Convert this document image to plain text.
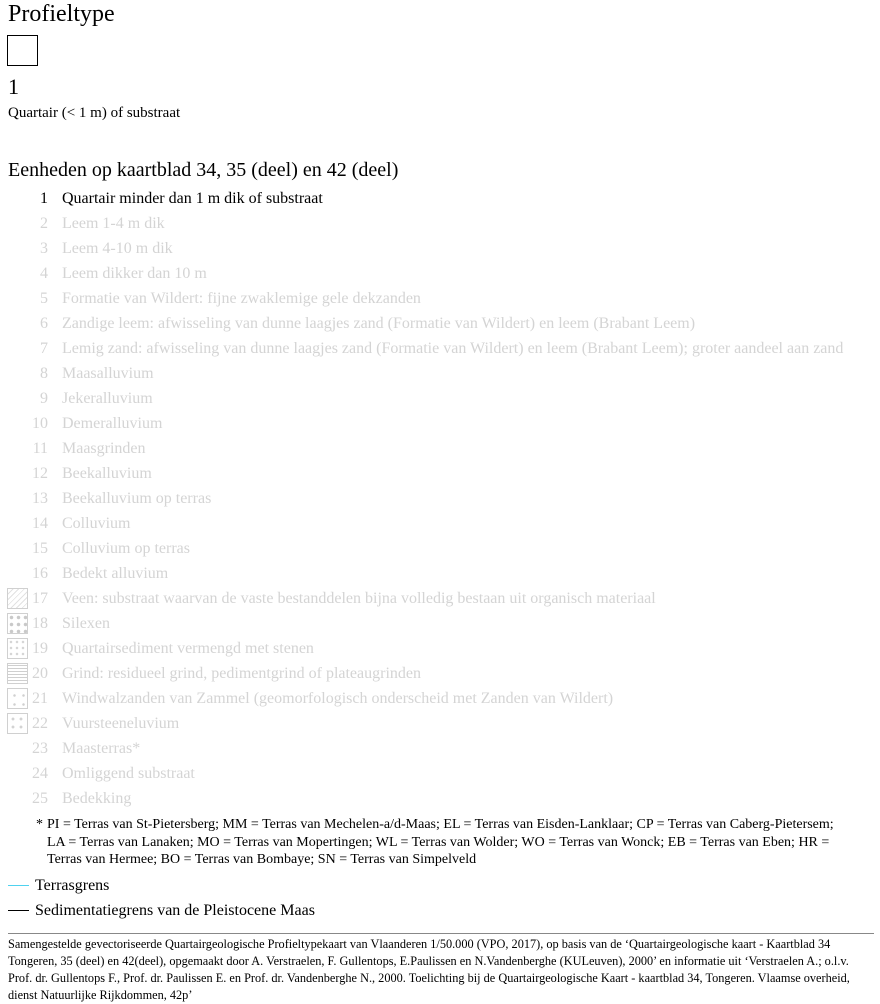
Profieltype
1
Quartair (< 1 m) of substraat
Eenheden op kaartblad 34, 35 (deel) en 42 (deel)
1 Quartair minder dan 1 m dik of substraat
2 Leem 1-4 m dik
3 Leem 4-10 m dik
4 Leem dikker dan 10 m
5 Formatie van Wildert: fijne zwaklemige gele dekzanden
6 Zandige leem: afwisseling van dunne laagjes zand (Formatie van Wildert) en leem (Brabant Leem)
7 Lemig zand: afwisseling van dunne laagjes zand (Formatie van Wildert) en leem (Brabant Leem); groter aandeel aan zand
8 Maasalluvium
9 Jekeralluvium
10 Demeralluvium
11 Maasgrinden
12 Beekalluvium
13 Beekalluvium op terras
14 Colluvium
15 Colluvium op terras
16 Bedekt alluvium
17 Veen: substraat waarvan de vaste bestanddelen bijna volledig bestaan uit organisch materiaal
18 Silexen
19 Quartairsediment vermengd met stenen
20 Grind: residueel grind, pedimentgrind of plateaugrinden
21 Windwalzanden van Zammel (geomorfologisch onderscheid met Zanden van Wildert)
22 Vuursteeneluvium
23 Maasterras*
24 Omliggend substraat
25 Bedekking
* PI = Terras van St-Pietersberg; MM = Terras van Mechelen-a/d-Maas; EL = Terras van Eisden-Lanklaar; CP = Terras van Caberg-Pietersem; LA = Terras van Lanaken; MO = Terras van Mopertingen; WL = Terras van Wolder; WO = Terras van Wonck; EB = Terras van Eben; HR = Terras van Hermee; BO = Terras van Bombaye; SN = Terras van Simpelveld
Terrasgrens
Sedimentatiegrens van de Pleistocene Maas
Samengestelde gevectoriseerde Quartairgeologische Profieltypekaart van Vlaanderen 1/50.000 (VPO, 2017), op basis van de ‘Quartairgeologische kaart - Kaartblad 34 Tongeren, 35 (deel) en 42(deel), opgemaakt door A. Verstraelen, F. Gullentops, E.Paulissen en N.Vandenberghe (KULeuven), 2000’ en informatie uit ‘Verstraelen A.; o.l.v. Prof. dr. Gullentops F., Prof. dr. Paulissen E. en Prof. dr. Vandenberghe N., 2000. Toelichting bij de Quartairgeologische Kaart - kaartblad 34, Tongeren. Vlaamse overheid, dienst Natuurlijke Rijkdommen, 42p’
